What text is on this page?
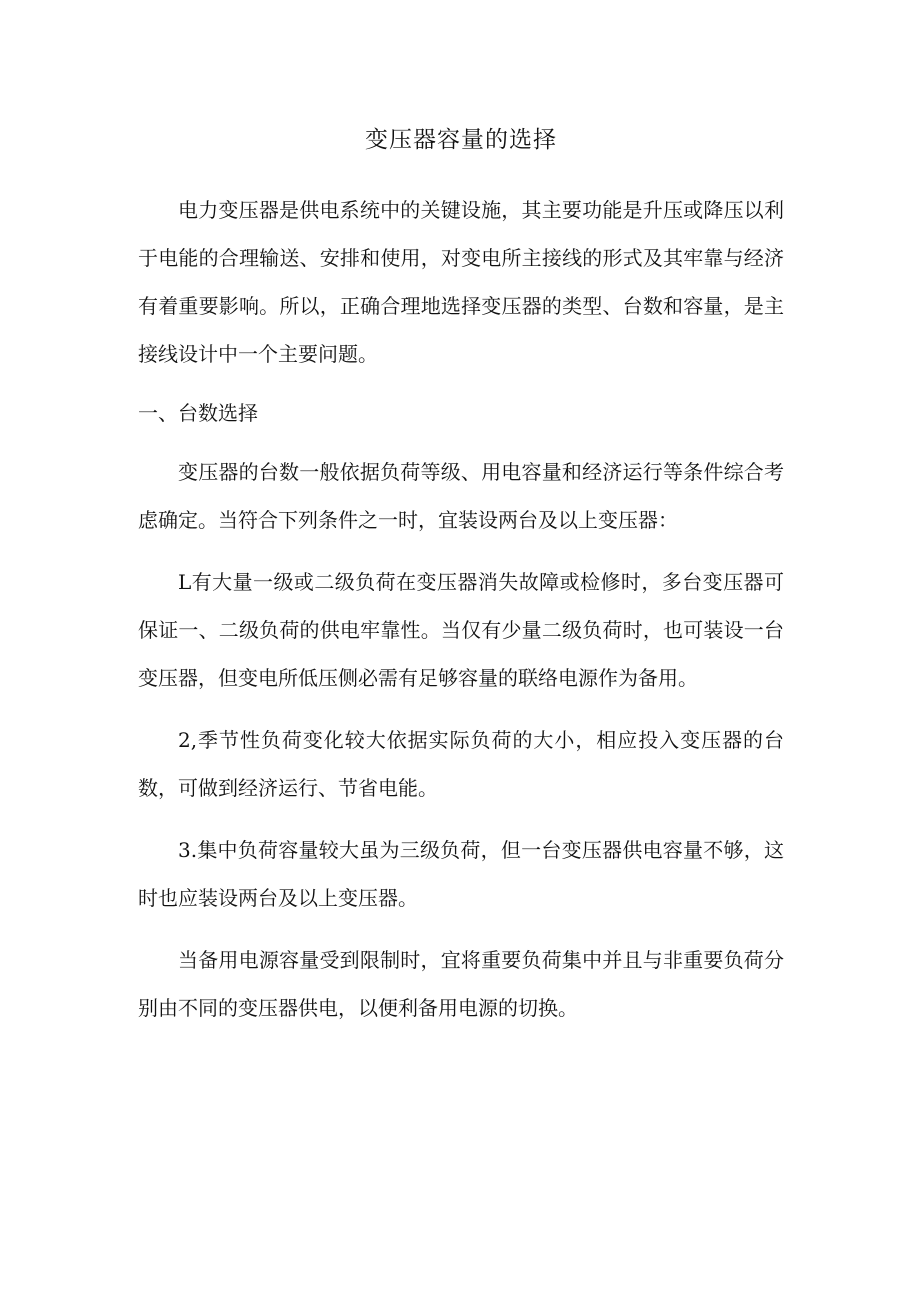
变压器容量的选择

电力变压器是供电系统中的关键设施，其主要功能是升压或降压以利于电能的合理输送、安排和使用，对变电所主接线的形式及其牢靠与经济有着重要影响。所以，正确合理地选择变压器的类型、台数和容量，是主接线设计中一个主要问题。

一、台数选择

变压器的台数一般依据负荷等级、用电容量和经济运行等条件综合考虑确定。当符合下列条件之一时，宜装设两台及以上变压器：

L有大量一级或二级负荷在变压器消失故障或检修时，多台变压器可保证一、二级负荷的供电牢靠性。当仅有少量二级负荷时，也可装设一台变压器，但变电所低压侧必需有足够容量的联络电源作为备用。

2,季节性负荷变化较大依据实际负荷的大小，相应投入变压器的台数，可做到经济运行、节省电能。

3.集中负荷容量较大虽为三级负荷，但一台变压器供电容量不够，这时也应装设两台及以上变压器。

当备用电源容量受到限制时，宜将重要负荷集中并且与非重要负荷分别由不同的变压器供电，以便利备用电源的切换。
